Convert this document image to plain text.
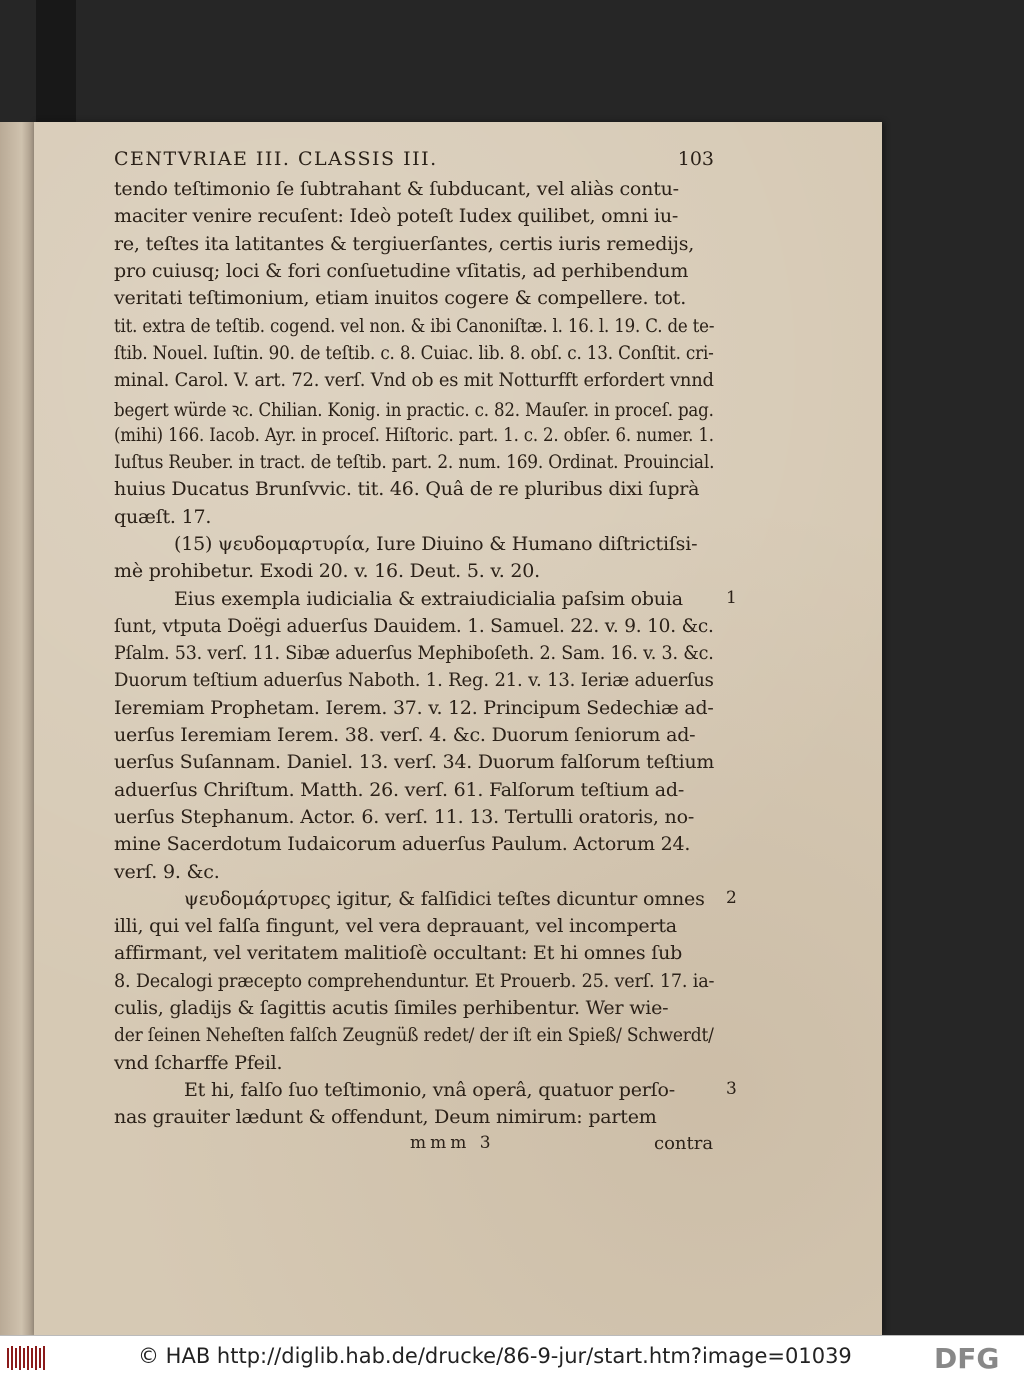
CENTVRIAE III. CLASSIS III.	103
tendo teſtimonio ſe ſubtrahant & ſubducant, vel aliàs contu-
maciter venire recuſent: Ideò poteſt Iudex quilibet, omni iu-
re, teſtes ita latitantes & tergiuerſantes, certis iuris remedijs,
pro cuiusq; loci & fori conſuetudine vſitatis, ad perhibendum
veritati teſtimonium, etiam inuitos cogere & compellere. tot.
tit. extra de teſtib. cogend. vel non. & ibi Canoniſtæ. l. 16. l. 19. C. de te-
ſtib. Nouel. Iuſtin. 90. de teſtib. c. 8. Cuiac. lib. 8. obſ. c. 13. Conſtit. cri-
minal. Carol. V. art. 72. verſ. Vnd ob es mit Notturfft erfordert vnnd
begert würde ꝛc. Chilian. Konig. in practic. c. 82. Mauſer. in proceſ. pag.
(mihi) 166. Iacob. Ayr. in proceſ. Hiſtoric. part. 1. c. 2. obſer. 6. numer. 1.
Iuſtus Reuber. in tract. de teſtib. part. 2. num. 169. Ordinat. Prouincial.
huius Ducatus Brunſvvic. tit. 46. Quâ de re pluribus dixi ſuprà
quæſt. 17.
(15) ψευδομαρτυρία, Iure Diuino & Humano diſtrictiſsi-
mè prohibetur. Exodi 20. v. 16. Deut. 5. v. 20.
Eius exempla iudicialia & extraiudicialia paſsim obuia
ſunt, vtputa Doëgi aduerſus Dauidem. 1. Samuel. 22. v. 9. 10. &c.
Pſalm. 53. verſ. 11. Sibæ aduerſus Mephiboſeth. 2. Sam. 16. v. 3. &c.
Duorum teſtium aduerſus Naboth. 1. Reg. 21. v. 13. Ieriæ aduerſus
Ieremiam Prophetam. Ierem. 37. v. 12. Principum Sedechiæ ad-
uerſus Ieremiam Ierem. 38. verſ. 4. &c. Duorum ſeniorum ad-
uerſus Suſannam. Daniel. 13. verſ. 34. Duorum falſorum teſtium
aduerſus Chriſtum. Matth. 26. verſ. 61. Falſorum teſtium ad-
uerſus Stephanum. Actor. 6. verſ. 11. 13. Tertulli oratoris, no-
mine Sacerdotum Iudaicorum aduerſus Paulum. Actorum 24.
verſ. 9. &c.
ψευδομάρτυρες igitur, & falſidici teſtes dicuntur omnes
illi, qui vel falſa fingunt, vel vera deprauant, vel incomperta
affirmant, vel veritatem malitioſè occultant: Et hi omnes ſub
8. Decalogi præcepto comprehenduntur. Et Prouerb. 25. verſ. 17. ia-
culis, gladijs & ſagittis acutis ſimiles perhibentur. Wer wie-
der ſeinen Neheſten falſch Zeugnüß redet/ der iſt ein Spieß/ Schwerdt/
vnd ſcharffe Pfeil.
Et hi, falſo ſuo teſtimonio, vnâ operâ, quatuor perſo-
nas grauiter lædunt & offendunt, Deum nimirum: partem
1
2
3
mmm 3	contra
© HAB http://diglib.hab.de/drucke/86-9-jur/start.htm?image=01039	DFG
